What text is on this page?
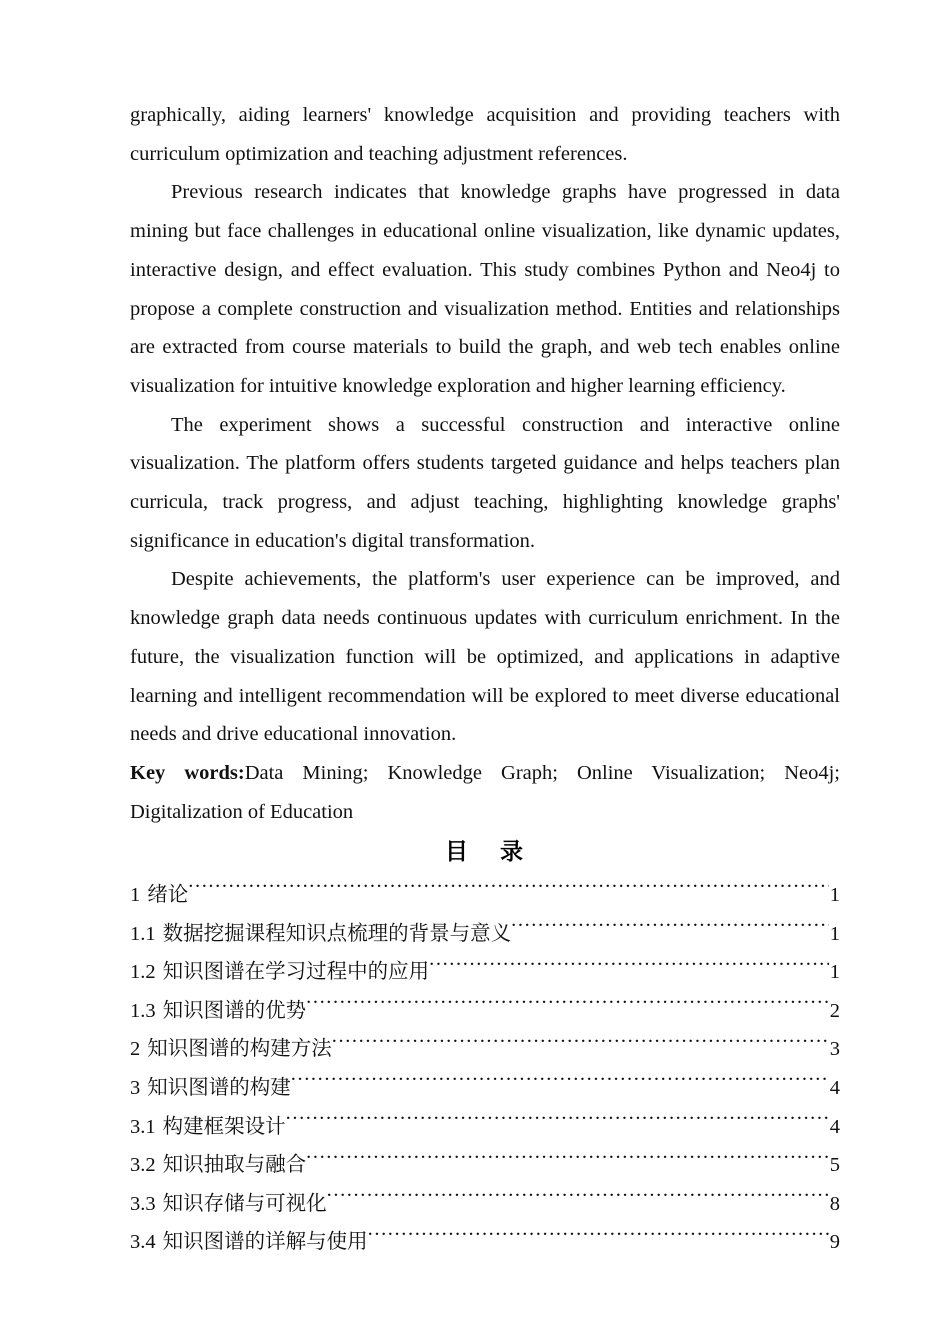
graphically, aiding learners' knowledge acquisition and providing teachers with curriculum optimization and teaching adjustment references.

Previous research indicates that knowledge graphs have progressed in data mining but face challenges in educational online visualization, like dynamic updates, interactive design, and effect evaluation. This study combines Python and Neo4j to propose a complete construction and visualization method. Entities and relationships are extracted from course materials to build the graph, and web tech enables online visualization for intuitive knowledge exploration and higher learning efficiency.

The experiment shows a successful construction and interactive online visualization. The platform offers students targeted guidance and helps teachers plan curricula, track progress, and adjust teaching, highlighting knowledge graphs' significance in education's digital transformation.

Despite achievements, the platform's user experience can be improved, and knowledge graph data needs continuous updates with curriculum enrichment. In the future, the visualization function will be optimized, and applications in adaptive learning and intelligent recommendation will be explored to meet diverse educational needs and drive educational innovation.

Key words:Data Mining; Knowledge Graph; Online Visualization; Neo4j; Digitalization of Education

目 录
1 绪论 .....	1
1.1 数据挖掘课程知识点梳理的背景与意义 .....	1
1.2 知识图谱在学习过程中的应用 .....	1
1.3 知识图谱的优势 .....	2
2 知识图谱的构建方法 .....	3
3 知识图谱的构建 .....	4
3.1 构建框架设计 .....	4
3.2 知识抽取与融合 .....	5
3.3 知识存储与可视化 .....	8
3.4 知识图谱的详解与使用 .....	9
